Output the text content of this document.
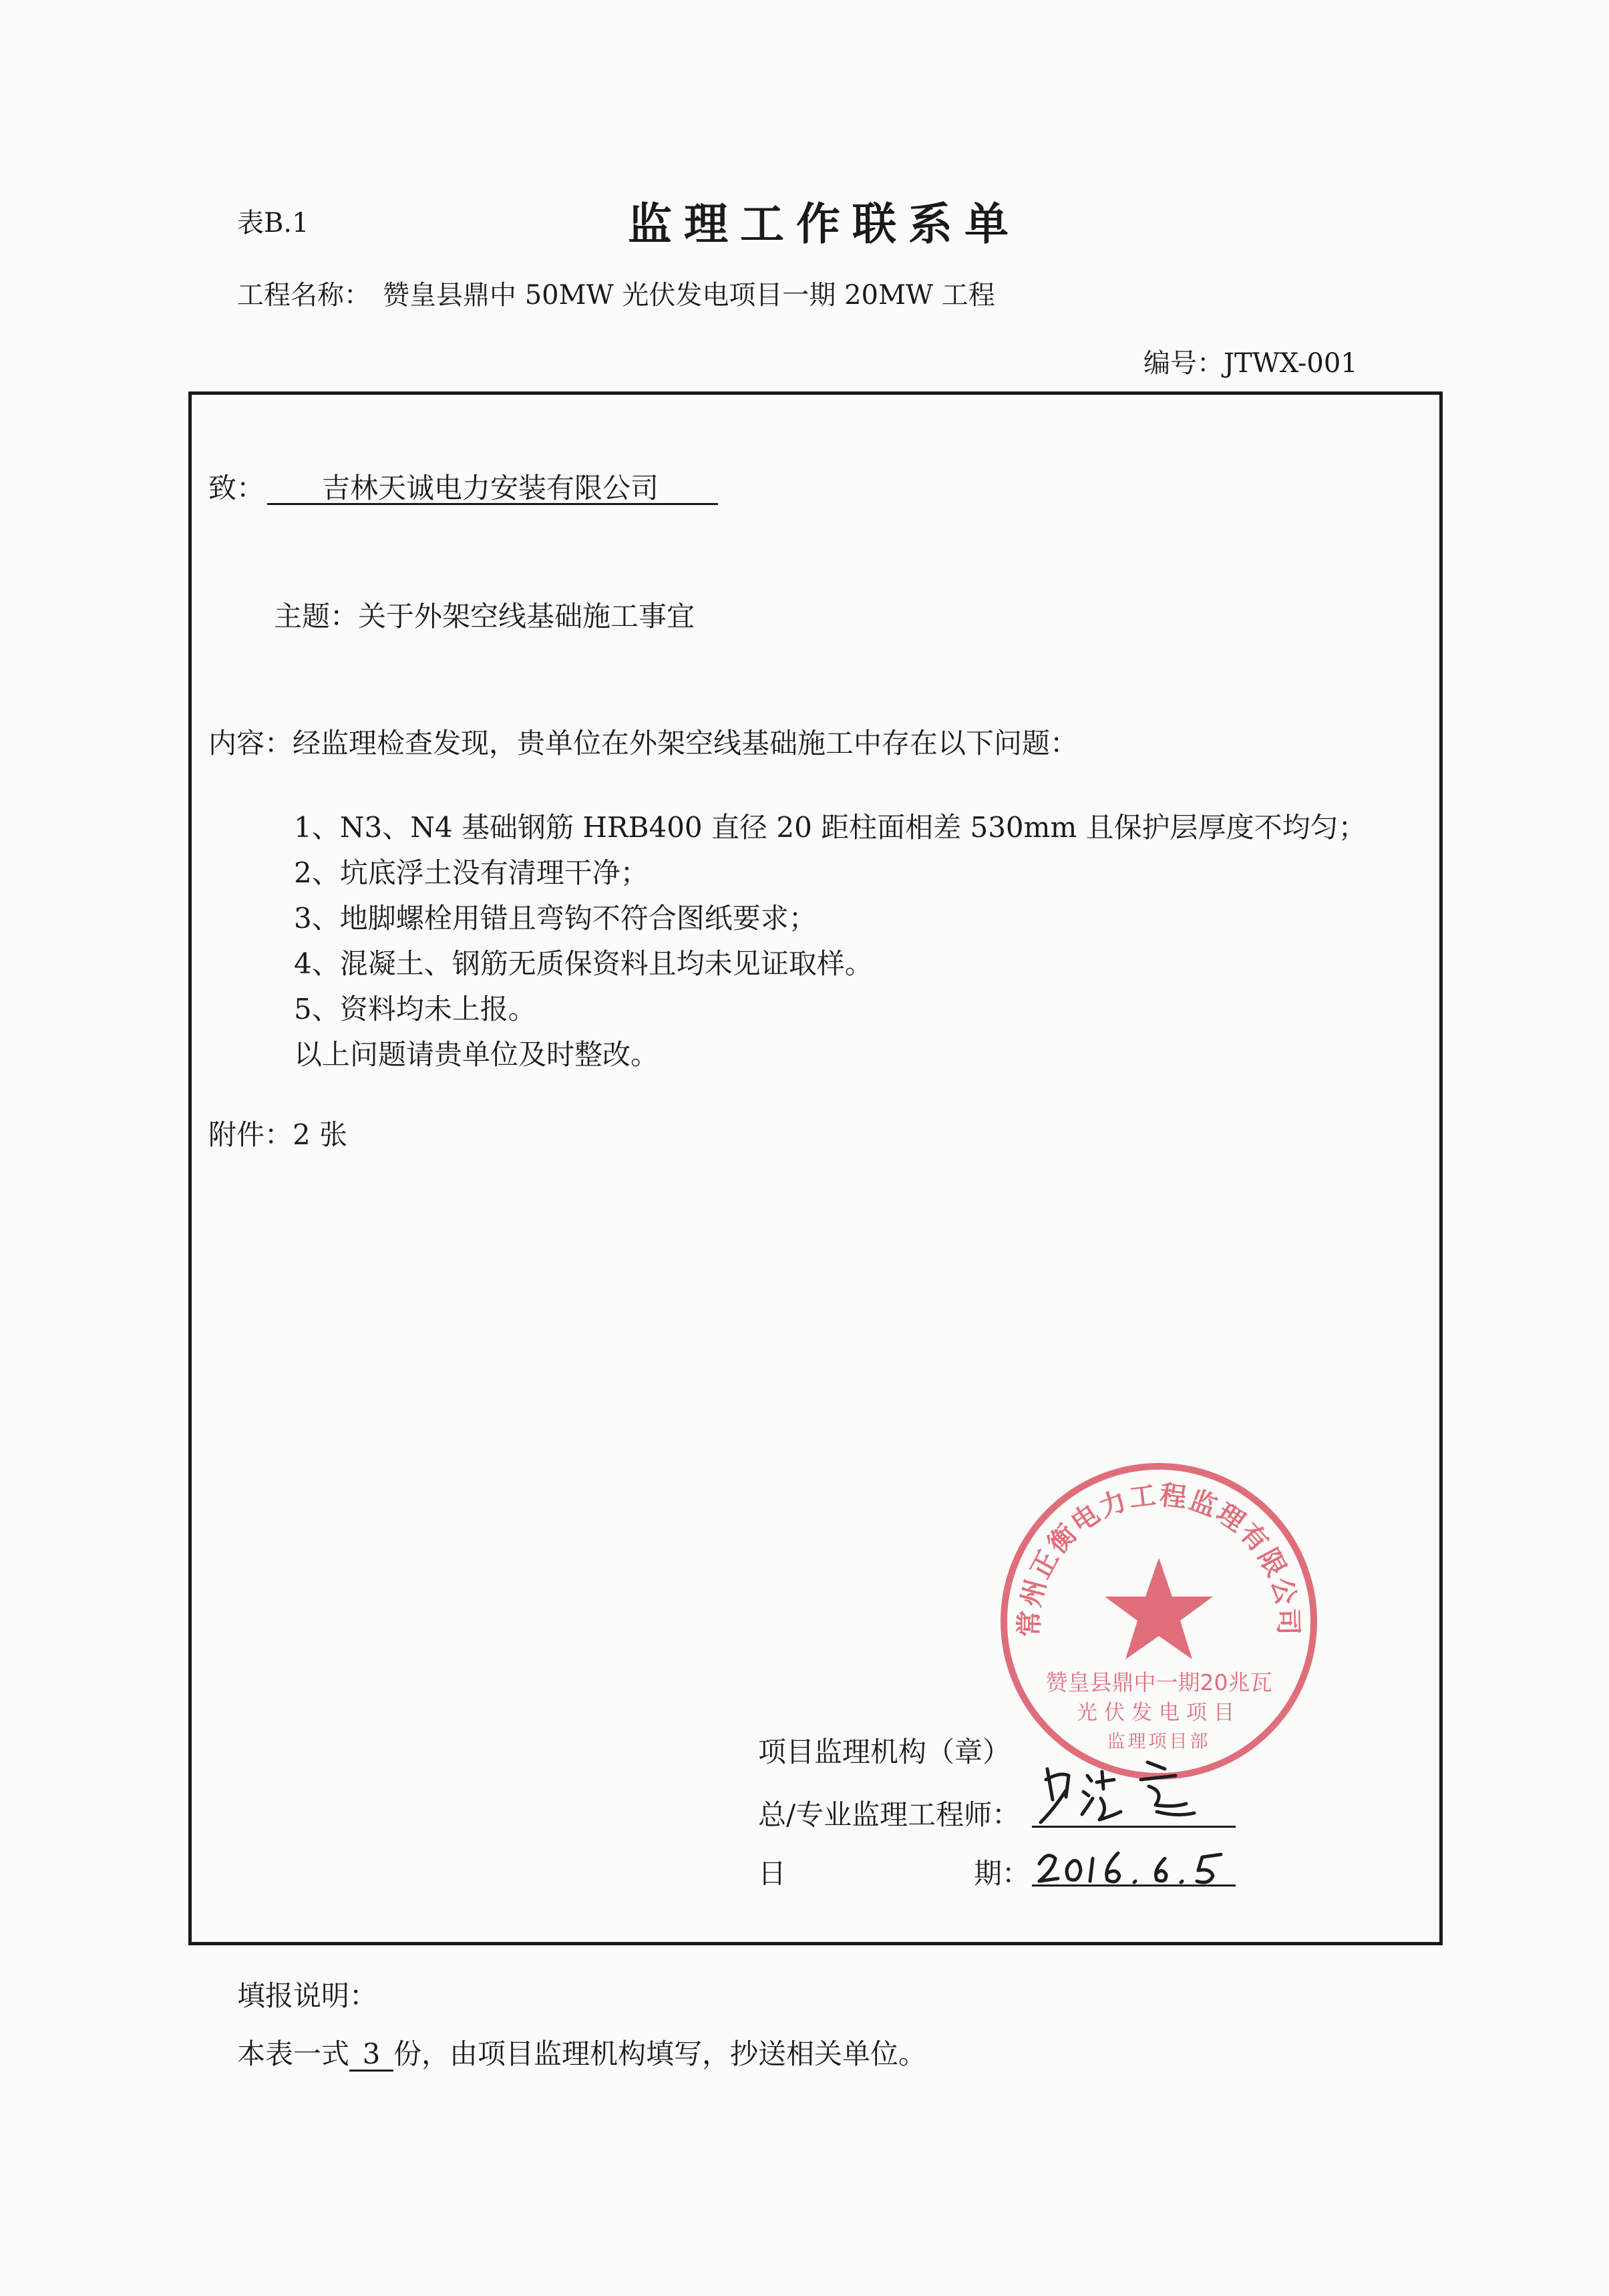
表B.1	监理工作联系单
工程名称： 赞皇县鼎中 50MW 光伏发电项目一期 20MW 工程
编号：JTWX-001
致： 吉林天诚电力安装有限公司
主题：关于外架空线基础施工事宜
内容：经监理检查发现，贵单位在外架空线基础施工中存在以下问题：
1、N3、N4 基础钢筋 HRB400 直径 20 距柱面相差 530mm 且保护层厚度不均匀；
2、坑底浮土没有清理干净；
3、地脚螺栓用错且弯钩不符合图纸要求；
4、混凝土、钢筋无质保资料且均未见证取样。
5、资料均未上报。
以上问题请贵单位及时整改。
附件：2 张
常州正衡电力工程监理有限公司
赞皇县鼎中一期20兆瓦
光伏发电项目
监理项目部
项目监理机构（章）
总/专业监理工程师：
日	期：
填报说明：
本表一式 3 份，由项目监理机构填写，抄送相关单位。
